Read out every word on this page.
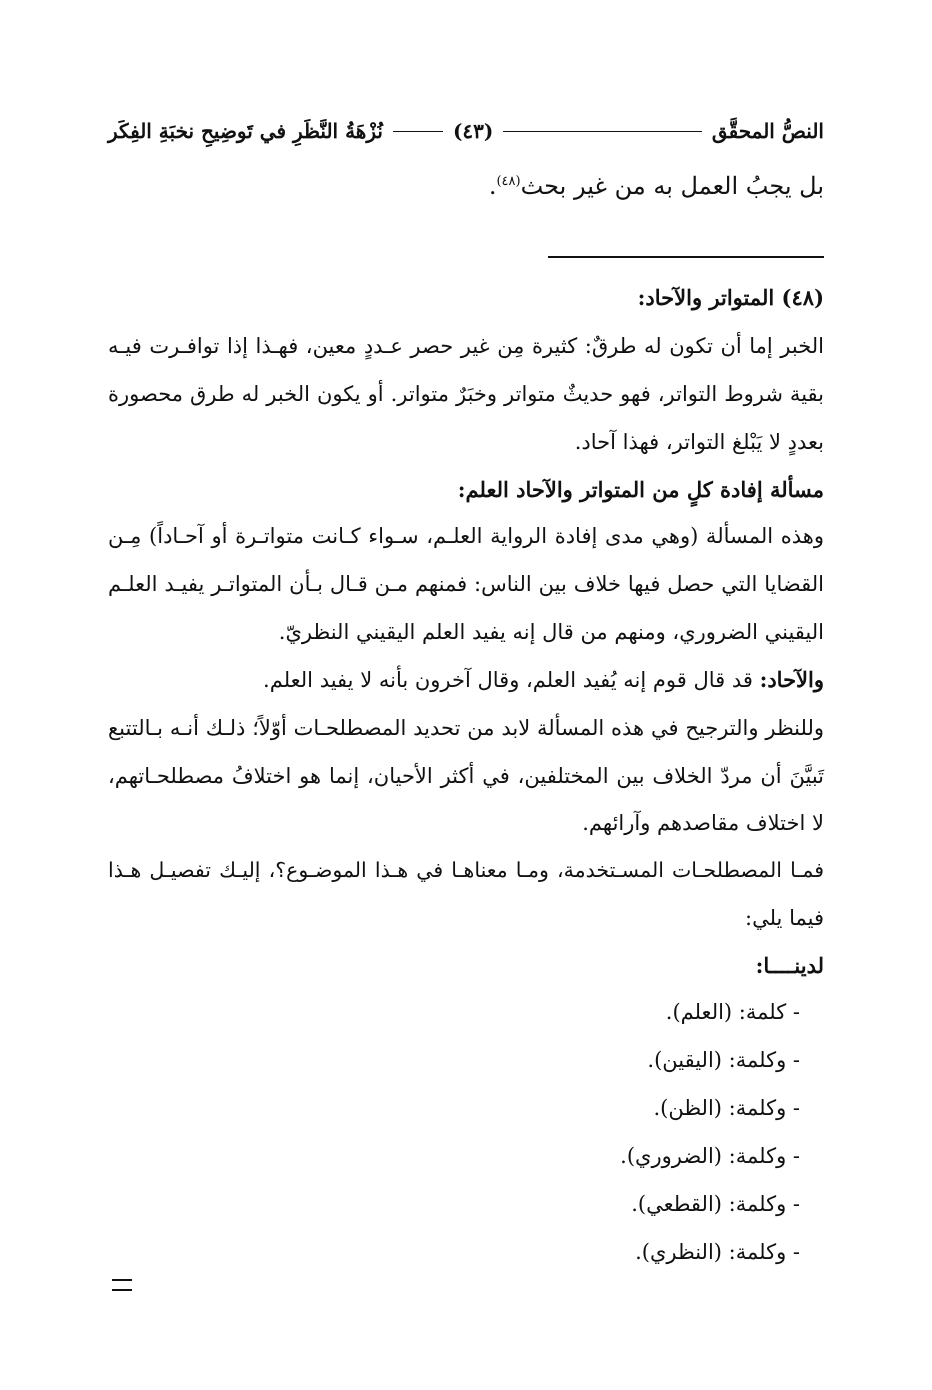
النصُّ المحقَّق
(٤٣)
نُزْهَةُ النَّظَرِ في تَوضِيحِ نخبَةِ الفِكَر
بل يجبُ العمل به من غير بحث$^{(٤٨)}$.
(٤٨) المتواتر والآحاد:
الخبر إما أن تكون له طرقٌ: كثيرة مِن غير حصر عـددٍ معين، فهـذا إذا توافـرت فيـه
بقية شروط التواتر، فهو حديثٌ متواتر وخبَرٌ متواتر. أو يكون الخبر له طرق محصورة
بعددٍ لا يَبْلغ التواتر، فهذا آحاد.
مسألة إفادة كلٍ من المتواتر والآحاد العلم:
وهذه المسألة (وهي مدى إفادة الرواية العلـم، سـواء كـانت متواتـرة أو آحـاداً) مِـن
القضايا التي حصل فيها خلاف بين الناس: فمنهم مـن قـال بـأن المتواتـر يفيـد العلـم
اليقيني الضروري، ومنهم من قال إنه يفيد العلم اليقيني النظريّ.
والآحاد: قد قال قوم إنه يُفيد العلم، وقال آخرون بأنه لا يفيد العلم.
وللنظر والترجيح في هذه المسألة لابد من تحديد المصطلحـات أوّلاً؛ ذلـك أنـه بـالتتبع
تَبيَّنَ أن مردّ الخلاف بين المختلفين، في أكثر الأحيان، إنما هو اختلافُ مصطلحـاتهم،
لا اختلاف مقاصدهم وآرائهم.
فمـا المصطلحـات المسـتخدمة، ومـا معناهـا في هـذا الموضـوع؟، إليـك تفصيـل هـذا
فيما يلي:
لدينــــا:
- كلمة: (العلم).
- وكلمة: (اليقين).
- وكلمة: (الظن).
- وكلمة: (الضروري).
- وكلمة: (القطعي).
- وكلمة: (النظري).
